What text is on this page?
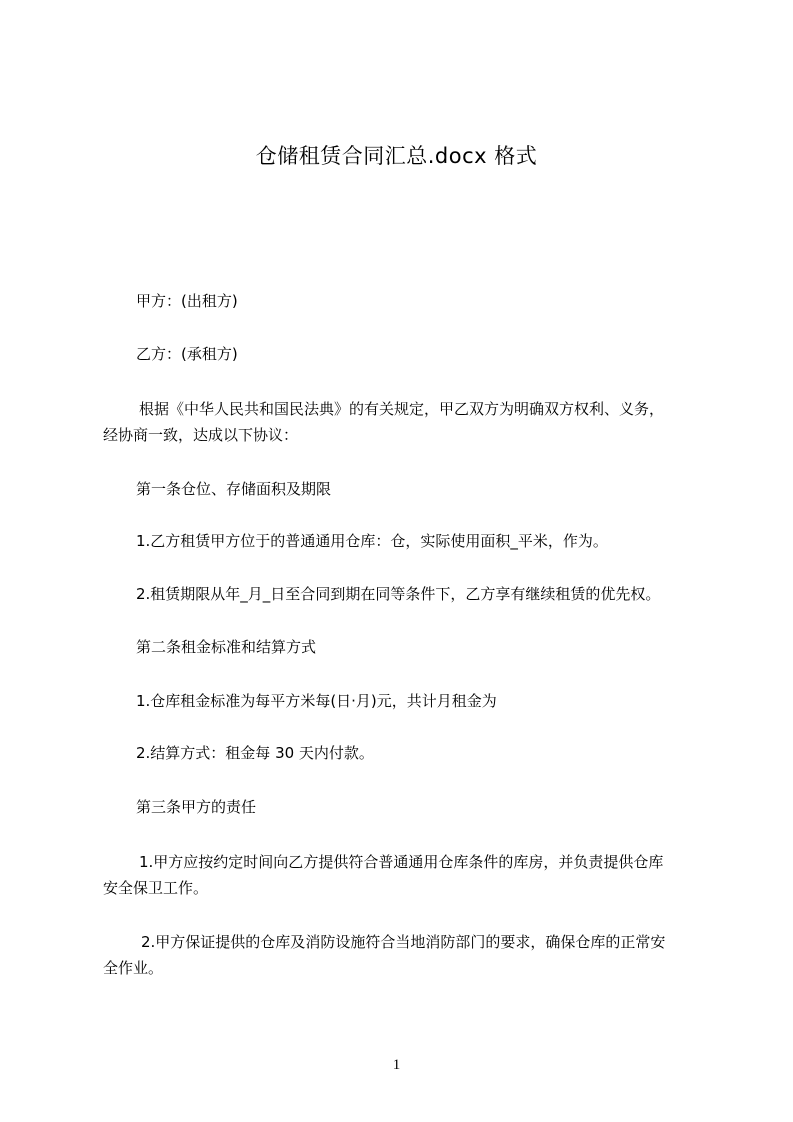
仓储租赁合同汇总.docx 格式
甲方：(出租方)
乙方：(承租方)
根据《中华人民共和国民法典》的有关规定，甲乙双方为明确双方权利、义务，
经协商一致，达成以下协议：
第一条仓位、存储面积及期限
1.乙方租赁甲方位于的普通通用仓库：仓，实际使用面积_平米，作为。
2.租赁期限从年_月_日至合同到期在同等条件下，乙方享有继续租赁的优先权。
第二条租金标准和结算方式
1.仓库租金标准为每平方米每(日·月)元，共计月租金为
2.结算方式：租金每 30 天内付款。
第三条甲方的责任
1.甲方应按约定时间向乙方提供符合普通通用仓库条件的库房，并负责提供仓库
安全保卫工作。
2.甲方保证提供的仓库及消防设施符合当地消防部门的要求，确保仓库的正常安
全作业。
1
